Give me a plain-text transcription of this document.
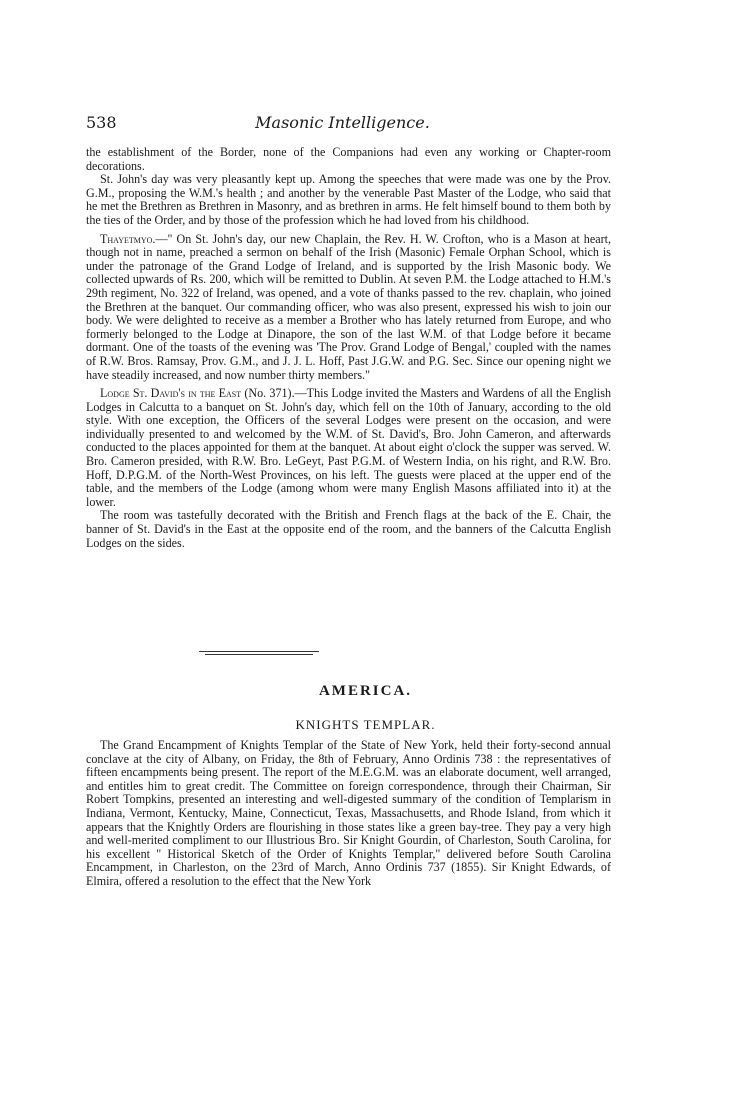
538	Masonic Intelligence.

the establishment of the Border, none of the Companions had even any working or Chapter-room decorations.

St. John's day was very pleasantly kept up. Among the speeches that were made was one by the Prov. G.M., proposing the W.M.'s health ; and another by the venerable Past Master of the Lodge, who said that he met the Brethren as Brethren in Masonry, and as brethren in arms. He felt himself bound to them both by the ties of the Order, and by those of the profession which he had loved from his childhood.

Thayetmyo.—" On St. John's day, our new Chaplain, the Rev. H. W. Crofton, who is a Mason at heart, though not in name, preached a sermon on behalf of the Irish (Masonic) Female Orphan School, which is under the patronage of the Grand Lodge of Ireland, and is supported by the Irish Masonic body. We collected upwards of Rs. 200, which will be remitted to Dublin. At seven P.M. the Lodge attached to H.M.'s 29th regiment, No. 322 of Ireland, was opened, and a vote of thanks passed to the rev. chaplain, who joined the Brethren at the banquet. Our commanding officer, who was also present, expressed his wish to join our body. We were delighted to receive as a member a Brother who has lately returned from Europe, and who formerly belonged to the Lodge at Dinapore, the son of the last W.M. of that Lodge before it became dormant. One of the toasts of the evening was 'The Prov. Grand Lodge of Bengal,' coupled with the names of R.W. Bros. Ramsay, Prov. G.M., and J. J. L. Hoff, Past J.G.W. and P.G. Sec. Since our opening night we have steadily increased, and now number thirty members."

Lodge St. David's in the East (No. 371).—This Lodge invited the Masters and Wardens of all the English Lodges in Calcutta to a banquet on St. John's day, which fell on the 10th of January, according to the old style. With one exception, the Officers of the several Lodges were present on the occasion, and were individually presented to and welcomed by the W.M. of St. David's, Bro. John Cameron, and afterwards conducted to the places appointed for them at the banquet. At about eight o'clock the supper was served. W. Bro. Cameron presided, with R.W. Bro. LeGeyt, Past P.G.M. of Western India, on his right, and R.W. Bro. Hoff, D.P.G.M. of the North-West Provinces, on his left. The guests were placed at the upper end of the table, and the members of the Lodge (among whom were many English Masons affiliated into it) at the lower.

The room was tastefully decorated with the British and French flags at the back of the E. Chair, the banner of St. David's in the East at the opposite end of the room, and the banners of the Calcutta English Lodges on the sides.

AMERICA.
KNIGHTS TEMPLAR.

The Grand Encampment of Knights Templar of the State of New York, held their forty-second annual conclave at the city of Albany, on Friday, the 8th of February, Anno Ordinis 738 : the representatives of fifteen encampments being present. The report of the M.E.G.M. was an elaborate document, well arranged, and entitles him to great credit. The Committee on foreign correspondence, through their Chairman, Sir Robert Tompkins, presented an interesting and well-digested summary of the condition of Templarism in Indiana, Vermont, Kentucky, Maine, Connecticut, Texas, Massachusetts, and Rhode Island, from which it appears that the Knightly Orders are flourishing in those states like a green bay-tree. They pay a very high and well-merited compliment to our Illustrious Bro. Sir Knight Gourdin, of Charleston, South Carolina, for his excellent " Historical Sketch of the Order of Knights Templar," delivered before South Carolina Encampment, in Charleston, on the 23rd of March, Anno Ordinis 737 (1855). Sir Knight Edwards, of Elmira, offered a resolution to the effect that the New York
